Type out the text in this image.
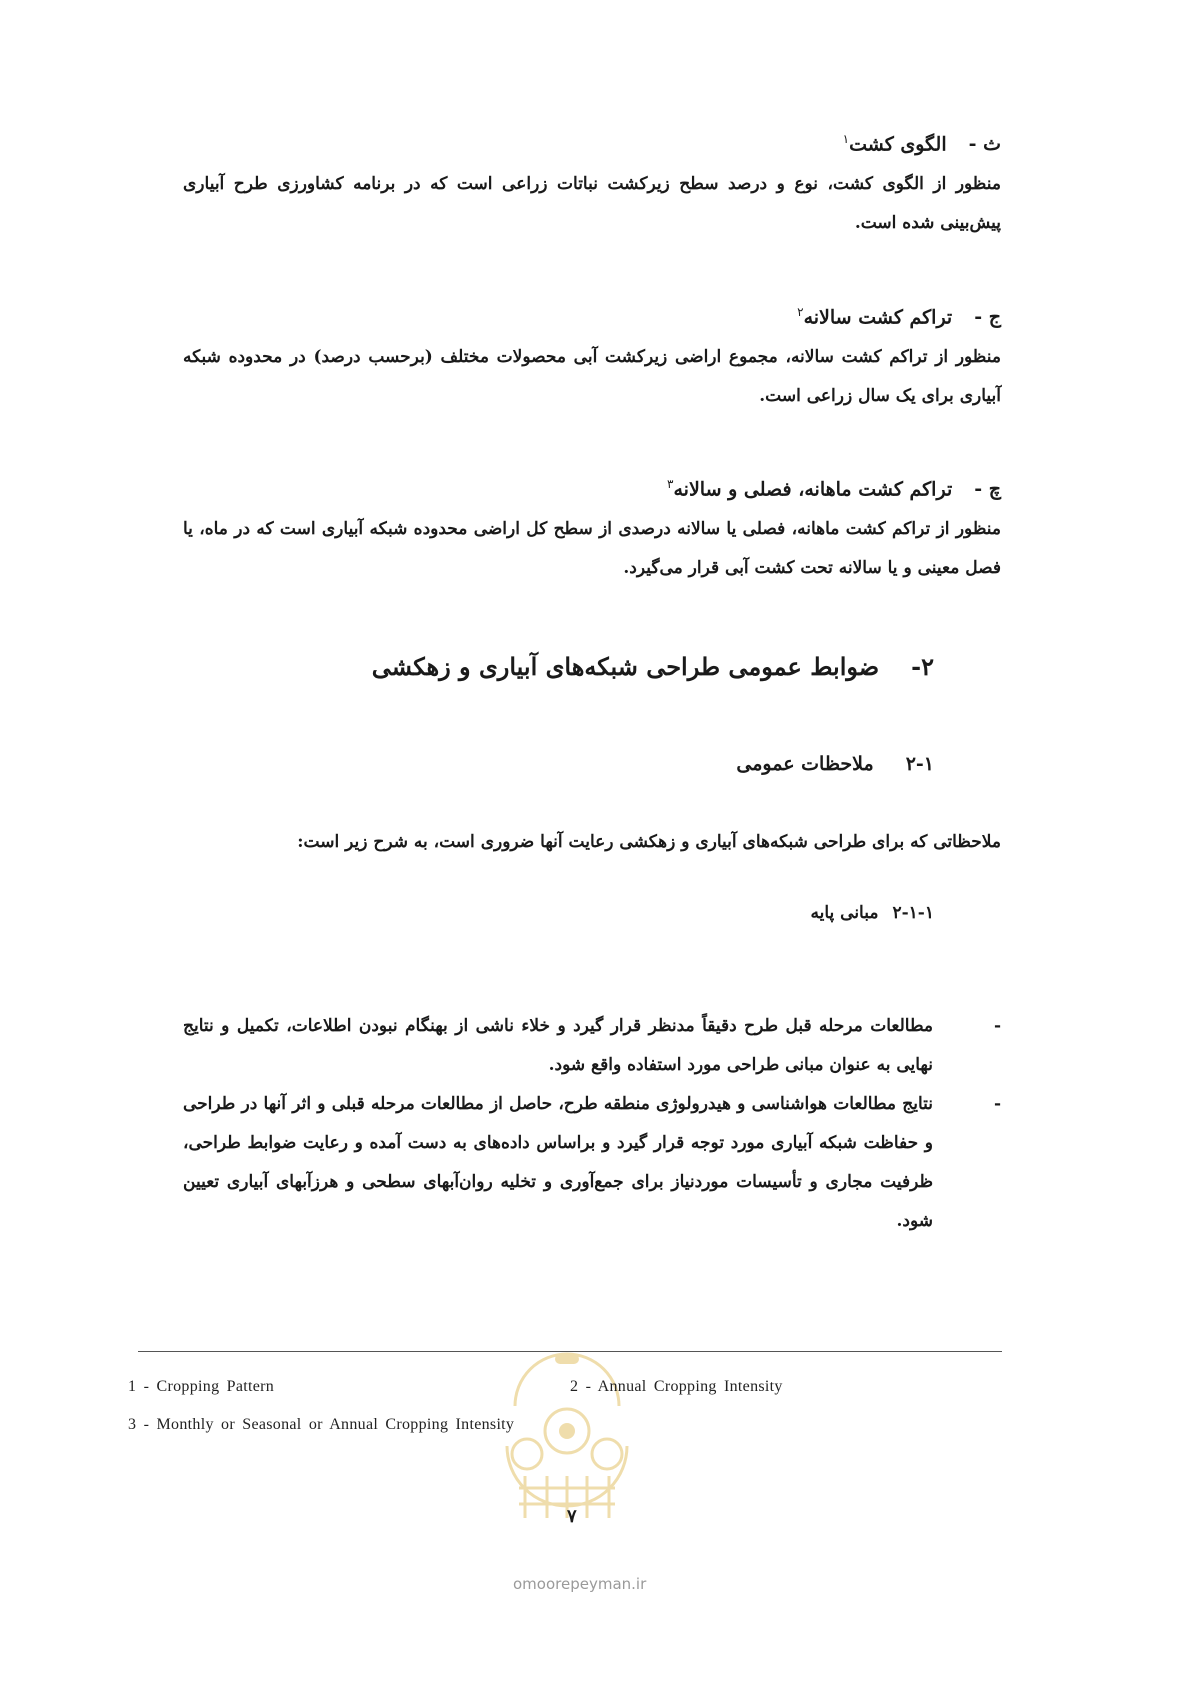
ث -الگوی کشت$^۱$
منظور از الگوی کشت، نوع و درصد سطح زیرکشت نباتات زراعی است که در برنامه کشاورزی طرح آبیاری پیش‌بینی شده است.
ج -تراکم کشت سالانه$^۲$
منظور از تراکم کشت سالانه، مجموع اراضی زیرکشت آبی محصولات مختلف (برحسب درصد) در محدوده شبکه آبیاری برای یک سال زراعی است.
چ -تراکم کشت ماهانه، فصلی و سالانه$^۳$
منظور از تراکم کشت ماهانه، فصلی یا سالانه درصدی از سطح کل اراضی محدوده شبکه آبیاری است که در ماه، یا فصل معینی و یا سالانه تحت کشت آبی قرار می‌گیرد.
۲-ضوابط عمومی طراحی شبکه‌های آبیاری و زهکشی
۲-۱ملاحظات عمومی
ملاحظاتی که برای طراحی شبکه‌های آبیاری و زهکشی رعایت آنها ضروری است، به شرح زیر است:
۲-۱-۱مبانی پایه
-
مطالعات مرحله قبل طرح دقیقاً مدنظر قرار گیرد و خلاء ناشی از بهنگام نبودن اطلاعات، تکمیل و نتایج نهایی به عنوان مبانی طراحی مورد استفاده واقع شود.
-
نتایج مطالعات هواشناسی و هیدرولوژی منطقه طرح، حاصل از مطالعات مرحله قبلی و اثر آنها در طراحی و حفاظت شبکه آبیاری مورد توجه قرار گیرد و براساس داده‌های به دست آمده و رعایت ضوابط طراحی، ظرفیت مجاری و تأسیسات موردنیاز برای جمع‌آوری و تخلیه روان‌آبهای سطحی و هرزآبهای آبیاری تعیین شود.
omoorepeyman.ir
1 - Cropping Pattern	2 - Annual Cropping Intensity
3 - Monthly or Seasonal or Annual Cropping Intensity
۷
